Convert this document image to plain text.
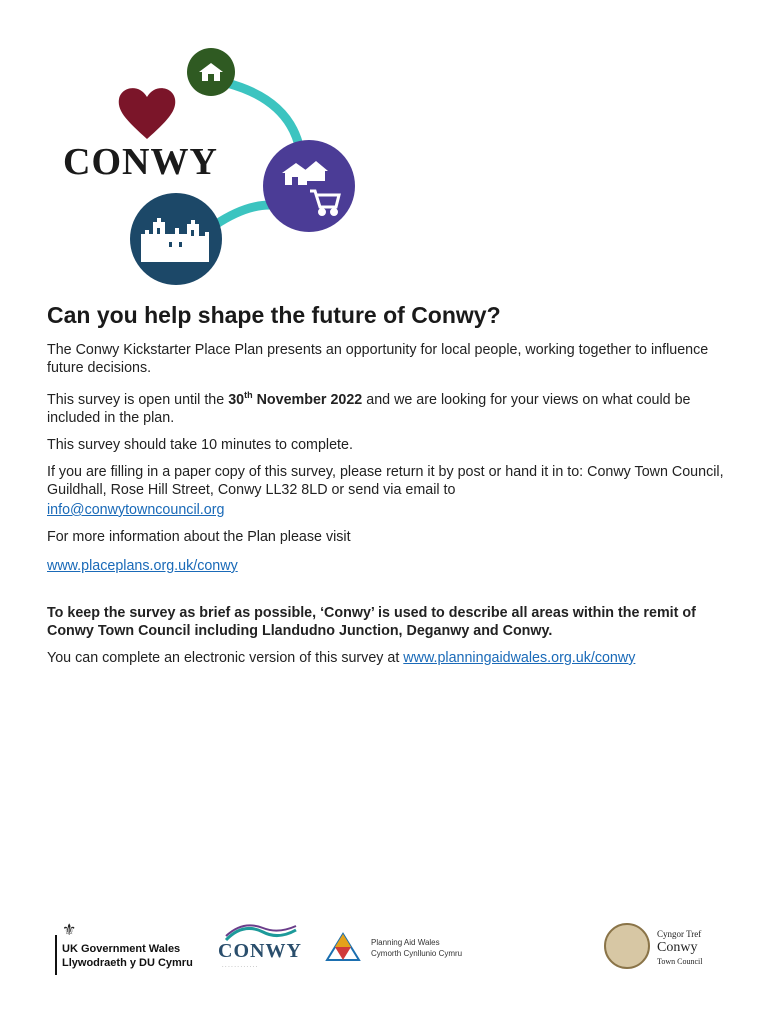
CONWY
Can you help shape the future of Conwy?

The Conwy Kickstarter Place Plan presents an opportunity for local people, working together to influence future decisions.

This survey is open until the 30th November 2022 and we are looking for your views on what could be included in the plan.

This survey should take 10 minutes to complete.

If you are filling in a paper copy of this survey, please return it by post or hand it in to: Conwy Town Council, Guildhall, Rose Hill Street, Conwy LL32 8LD or send via email to

info@conwytowncouncil.org

For more information about the Plan please visit

www.placeplans.org.uk/conwy

To keep the survey as brief as possible, ‘Conwy’ is used to describe all areas within the remit of Conwy Town Council including Llandudno Junction, Deganwy and Conwy.

You can complete an electronic version of this survey at www.planningaidwales.org.uk/conwy

⚜
UK Government Wales
Llywodraeth y DU Cymru
CONWY
· · · · · · · · · · · ·
Planning Aid Wales
Cymorth Cynllunio Cymru
Cyngor Tref
Conwy
Town Council
